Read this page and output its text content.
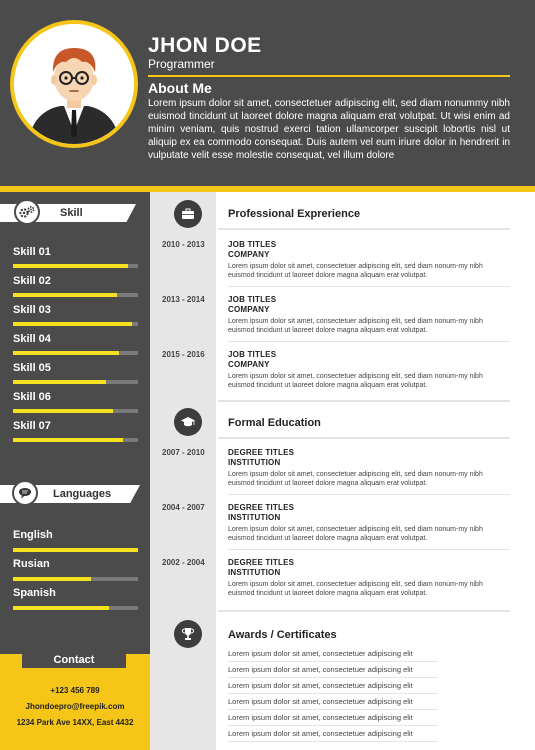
JHON DOE
Programmer
About Me
Lorem ipsum dolor sit amet, consectetuer adipiscing elit, sed diam nonummy nibh euismod tincidunt ut laoreet dolore magna aliquam erat volutpat. Ut wisi enim ad minim veniam, quis nostrud exerci tation ullamcorper suscipit lobortis nisl ut aliquip ex ea commodo consequat. Duis autem vel eum iriure dolor in hendrerit in vulputate velit esse molestie consequat, vel illum dolore
Skill
Skill 01
Skill 02
Skill 03
Skill 04
Skill 05
Skill 06
Skill 07
Languages
English
Rusian
Spanish
Contact
+123 456 789
Jhondoepro@freepik.com
1234 Park Ave 14XX, East 4432
Professional Exprerience
2010 - 2013	JOB TITLES
COMPANY
Lorem ipsum dolor sit amet, consectetuer adipiscing elit, sed diam nonum-my nibh euismod tincidunt ut laoreet dolore magna aliquam erat volutpat.
2013 - 2014	JOB TITLES
COMPANY
Lorem ipsum dolor sit amet, consectetuer adipiscing elit, sed diam nonum-my nibh euismod tincidunt ut laoreet dolore magna aliquam erat volutpat.
2015 - 2016	JOB TITLES
COMPANY
Lorem ipsum dolor sit amet, consectetuer adipiscing elit, sed diam nonum-my nibh euismod tincidunt ut laoreet dolore magna aliquam erat volutpat.
Formal Education
2007 - 2010	DEGREE TITLES
INSTITUTION
Lorem ipsum dolor sit amet, consectetuer adipiscing elit, sed diam nonum-my nibh euismod tincidunt ut laoreet dolore magna aliquam erat volutpat.
2004 - 2007	DEGREE TITLES
INSTITUTION
Lorem ipsum dolor sit amet, consectetuer adipiscing elit, sed diam nonum-my nibh euismod tincidunt ut laoreet dolore magna aliquam erat volutpat.
2002 - 2004	DEGREE TITLES
INSTITUTION
Lorem ipsum dolor sit amet, consectetuer adipiscing elit, sed diam nonum-my nibh euismod tincidunt ut laoreet dolore magna aliquam erat volutpat.
Awards / Certificates
Lorem ipsum dolor sit amet, consectetuer adipiscing elit
Lorem ipsum dolor sit amet, consectetuer adipiscing elit
Lorem ipsum dolor sit amet, consectetuer adipiscing elit
Lorem ipsum dolor sit amet, consectetuer adipiscing elit
Lorem ipsum dolor sit amet, consectetuer adipiscing elit
Lorem ipsum dolor sit amet, consectetuer adipiscing elit
